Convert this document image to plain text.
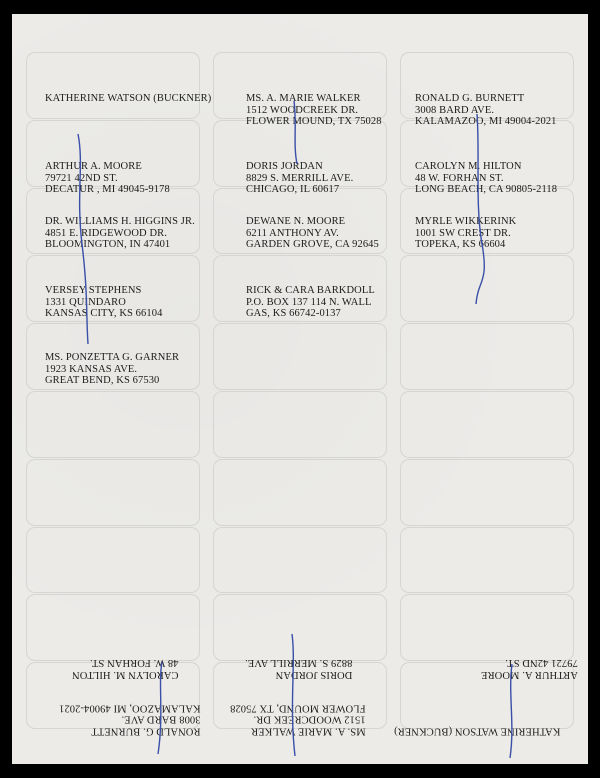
KATHERINE WATSON (BUCKNER)	MS. A. MARIE WALKER
1512 WOODCREEK DR.
FLOWER MOUND, TX 75028
RONALD G. BURNETT
3008 BARD AVE.
KALAMAZOO, MI 49004-2021
ARTHUR A. MOORE
79721 42ND ST.
DECATUR , MI 49045-9178
DORIS JORDAN
8829 S. MERRILL AVE.
CHICAGO, IL 60617
CAROLYN M. HILTON
48 W. FORHAN ST.
LONG BEACH, CA 90805-2118
DR. WILLIAMS H. HIGGINS JR.
4851 E. RIDGEWOOD DR.
BLOOMINGTON, IN 47401
DEWANE N. MOORE
6211 ANTHONY AV.
GARDEN GROVE, CA 92645
MYRLE WIKKERINK
1001 SW CREST DR.
TOPEKA, KS 66604
VERSEY STEPHENS
1331 QUINDARO
KANSAS CITY, KS 66104
RICK & CARA BARKDOLL
P.O. BOX 137 114 N. WALL
GAS, KS 66742-0137
MS. PONZETTA G. GARNER
1923 KANSAS AVE.
GREAT BEND, KS 67530
CAROLYN M. HILTON
48 W. FORHAN ST.
DORIS JORDAN
8829 S. MERRILL AVE.
ARTHUR A. MOORE
79721 42ND ST.
RONALD G. BURNETT
3008 BARD AVE.
KALAMAZOO, MI 49004-2021
MS. A. MARIE WALKER
1512 WOODCREEK DR.
FLOWER MOUND, TX 75028
KATHERINE WATSON (BUCKNER)
